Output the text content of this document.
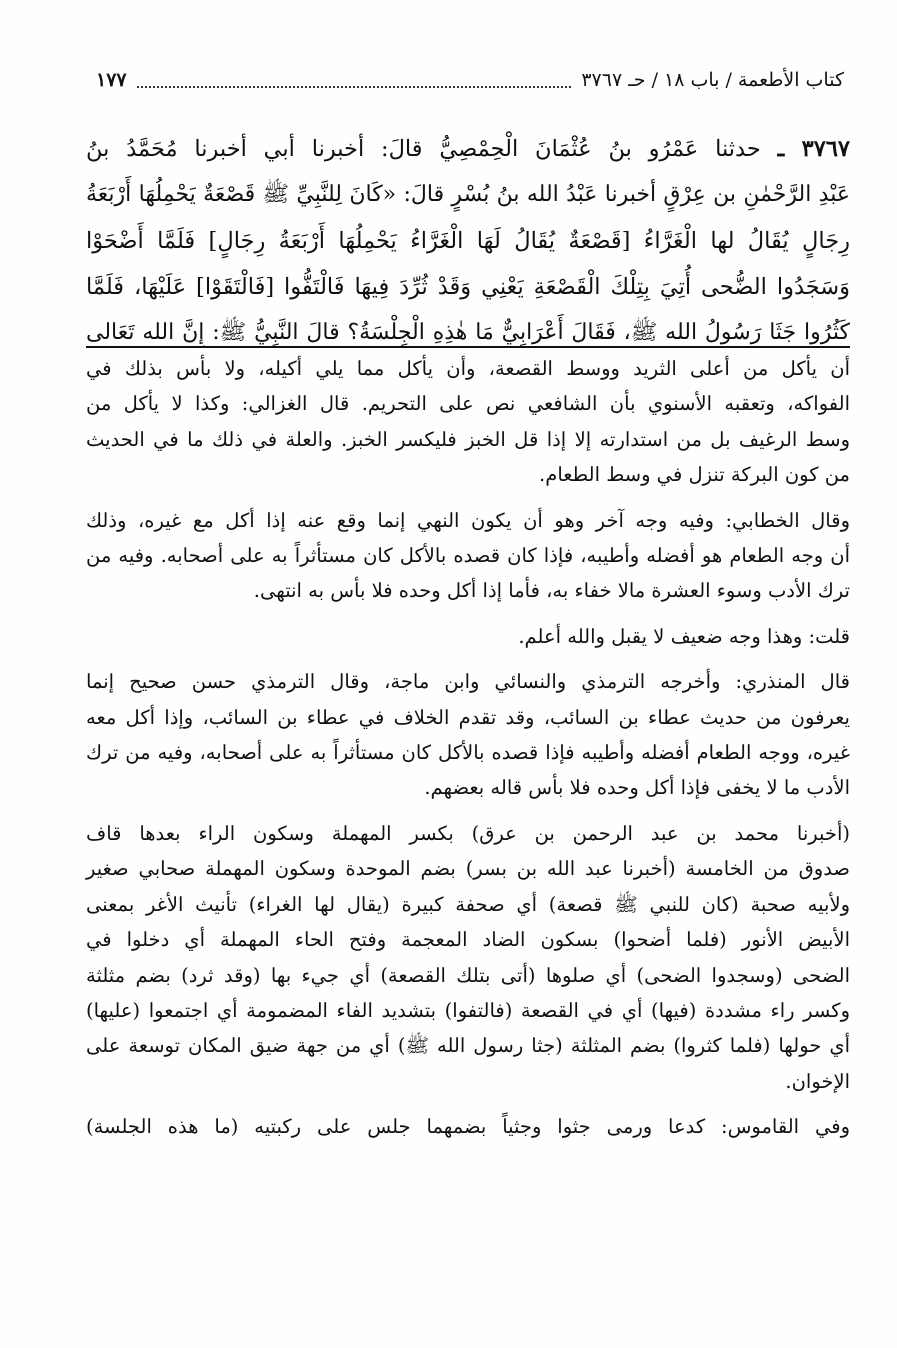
١٧٧	كتاب الأطعمة / باب ١٨ / حـ ٣٧٦٧
٣٧٦٧ ـ حدثنا عَمْرُو بنُ عُثْمَانَ الْحِمْصِيُّ قالَ: أخبرنا أبي أخبرنا مُحَمَّدُ بنُ
عَبْدِ الرَّحْمٰنِ بن عِرْقٍ أخبرنا عَبْدُ الله بنُ بُسْرٍ قالَ: «كَانَ لِلنَّبِيِّ ﷺ قَصْعَةٌ يَحْمِلُهَا أَرْبَعَةُ
رِجَالٍ يُقَالُ لها الْغَرَّاءُ [قَصْعَةٌ يُقَالُ لَهَا الْغَرَّاءُ يَحْمِلُهَا أَرْبَعَةُ رِجَالٍ] فَلَمَّا أَضْحَوْا
وَسَجَدُوا الضُّحى أُتِيَ بِتِلْكَ الْقَصْعَةِ يَعْنِي وَقَدْ ثُرِّدَ فِيهَا فَالْتَفُّوا [فَالْتَقَوْا] عَلَيْهَا، فَلَمَّا
كَثُرُوا جَثَا رَسُولُ الله ﷺ، فَقَالَ أَعْرَابِيٌّ مَا هٰذِهِ الْجِلْسَةُ؟ قالَ النَّبِيُّ ﷺ: إِنَّ الله تَعَالى

أن يأكل من أعلى الثريد ووسط القصعة، وأن يأكل مما يلي أكيله، ولا بأس بذلك في
الفواكه، وتعقبه الأسنوي بأن الشافعي نص على التحريم. قال الغزالي: وكذا لا يأكل من
وسط الرغيف بل من استدارته إلا إذا قل الخبز فليكسر الخبز. والعلة في ذلك ما في الحديث
من كون البركة تنزل في وسط الطعام.

وقال الخطابي: وفيه وجه آخر وهو أن يكون النهي إنما وقع عنه إذا أكل مع غيره، وذلك
أن وجه الطعام هو أفضله وأطيبه، فإذا كان قصده بالأكل كان مستأثراً به على أصحابه. وفيه من
ترك الأدب وسوء العشرة مالا خفاء به، فأما إذا أكل وحده فلا بأس به انتهى.

قلت: وهذا وجه ضعيف لا يقبل والله أعلم.

قال المنذري: وأخرجه الترمذي والنسائي وابن ماجة، وقال الترمذي حسن صحيح إنما
يعرفون من حديث عطاء بن السائب، وقد تقدم الخلاف في عطاء بن السائب، وإذا أكل معه
غيره، ووجه الطعام أفضله وأطيبه فإذا قصده بالأكل كان مستأثراً به على أصحابه، وفيه من ترك
الأدب ما لا يخفى فإذا أكل وحده فلا بأس قاله بعضهم.

(أخبرنا محمد بن عبد الرحمن بن عرق) بكسر المهملة وسكون الراء بعدها قاف
صدوق من الخامسة (أخبرنا عبد الله بن بسر) بضم الموحدة وسكون المهملة صحابي صغير
ولأبيه صحبة (كان للنبي ﷺ قصعة) أي صحفة كبيرة (يقال لها الغراء) تأنيث الأغر بمعنى
الأبيض الأنور (فلما أضحوا) بسكون الضاد المعجمة وفتح الحاء المهملة أي دخلوا في
الضحى (وسجدوا الضحى) أي صلوها (أتى بتلك القصعة) أي جيء بها (وقد ثرد) بضم مثلثة
وكسر راء مشددة (فيها) أي في القصعة (فالتفوا) بتشديد الفاء المضمومة أي اجتمعوا (عليها)
أي حولها (فلما كثروا) بضم المثلثة (جثا رسول الله ﷺ) أي من جهة ضيق المكان توسعة على
الإخوان.

وفي القاموس: كدعا ورمى جثوا وجثياً بضمهما جلس على ركبتيه (ما هذه الجلسة)
